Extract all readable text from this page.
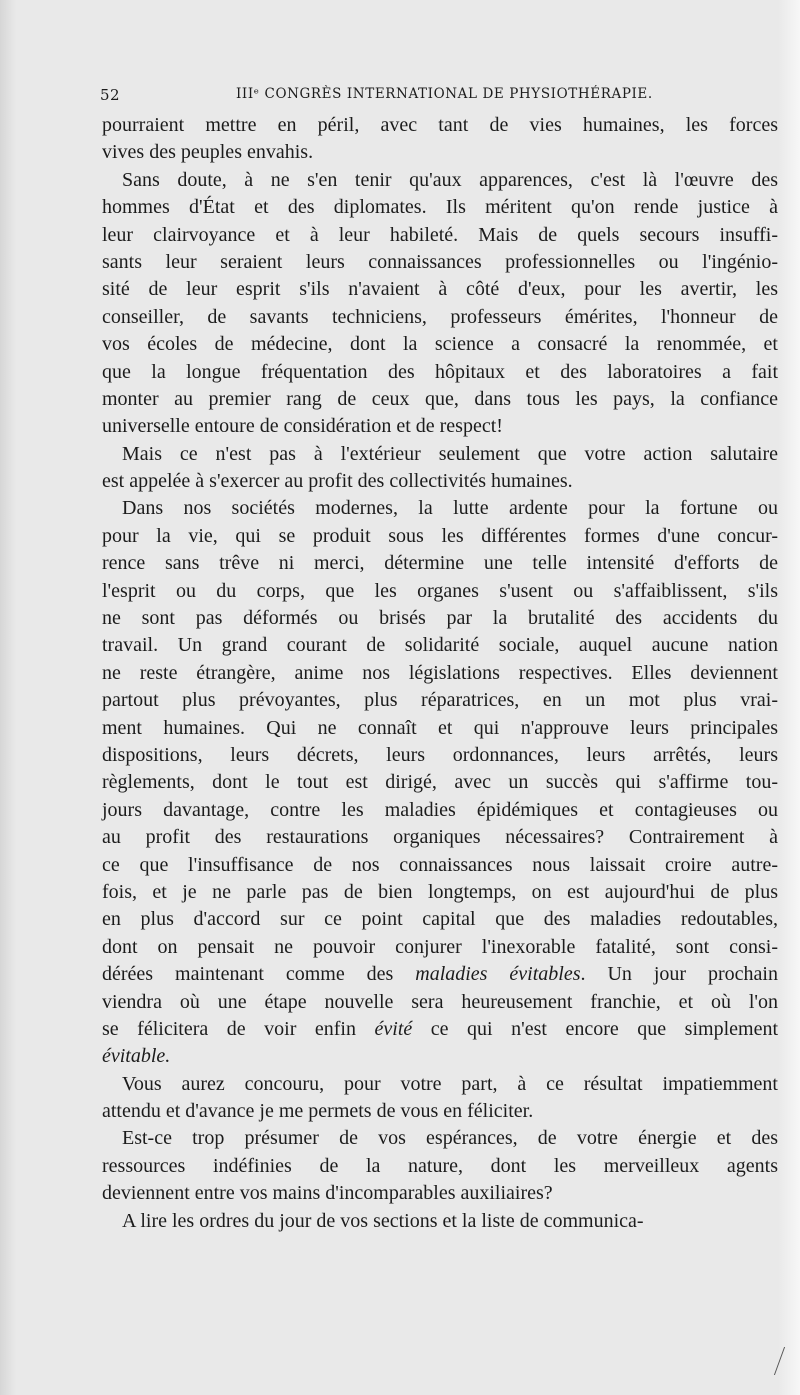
52	IIIᵉ CONGRÈS INTERNATIONAL DE PHYSIOTHÉRAPIE.
pourraient mettre en péril, avec tant de vies humaines, les forces
vives des peuples envahis.
Sans doute, à ne s'en tenir qu'aux apparences, c'est là l'œuvre des
hommes d'État et des diplomates. Ils méritent qu'on rende justice à
leur clairvoyance et à leur habileté. Mais de quels secours insuffi-
sants leur seraient leurs connaissances professionnelles ou l'ingénio-
sité de leur esprit s'ils n'avaient à côté d'eux, pour les avertir, les
conseiller, de savants techniciens, professeurs émérites, l'honneur de
vos écoles de médecine, dont la science a consacré la renommée, et
que la longue fréquentation des hôpitaux et des laboratoires a fait
monter au premier rang de ceux que, dans tous les pays, la confiance
universelle entoure de considération et de respect!
Mais ce n'est pas à l'extérieur seulement que votre action salutaire
est appelée à s'exercer au profit des collectivités humaines.
Dans nos sociétés modernes, la lutte ardente pour la fortune ou
pour la vie, qui se produit sous les différentes formes d'une concur-
rence sans trêve ni merci, détermine une telle intensité d'efforts de
l'esprit ou du corps, que les organes s'usent ou s'affaiblissent, s'ils
ne sont pas déformés ou brisés par la brutalité des accidents du
travail. Un grand courant de solidarité sociale, auquel aucune nation
ne reste étrangère, anime nos législations respectives. Elles deviennent
partout plus prévoyantes, plus réparatrices, en un mot plus vrai-
ment humaines. Qui ne connaît et qui n'approuve leurs principales
dispositions, leurs décrets, leurs ordonnances, leurs arrêtés, leurs
règlements, dont le tout est dirigé, avec un succès qui s'affirme tou-
jours davantage, contre les maladies épidémiques et contagieuses ou
au profit des restaurations organiques nécessaires? Contrairement à
ce que l'insuffisance de nos connaissances nous laissait croire autre-
fois, et je ne parle pas de bien longtemps, on est aujourd'hui de plus
en plus d'accord sur ce point capital que des maladies redoutables,
dont on pensait ne pouvoir conjurer l'inexorable fatalité, sont consi-
dérées maintenant comme des maladies évitables. Un jour prochain
viendra où une étape nouvelle sera heureusement franchie, et où l'on
se félicitera de voir enfin évité ce qui n'est encore que simplement
évitable.
Vous aurez concouru, pour votre part, à ce résultat impatiemment
attendu et d'avance je me permets de vous en féliciter.
Est-ce trop présumer de vos espérances, de votre énergie et des
ressources indéfinies de la nature, dont les merveilleux agents
deviennent entre vos mains d'incomparables auxiliaires?
A lire les ordres du jour de vos sections et la liste de communica-
